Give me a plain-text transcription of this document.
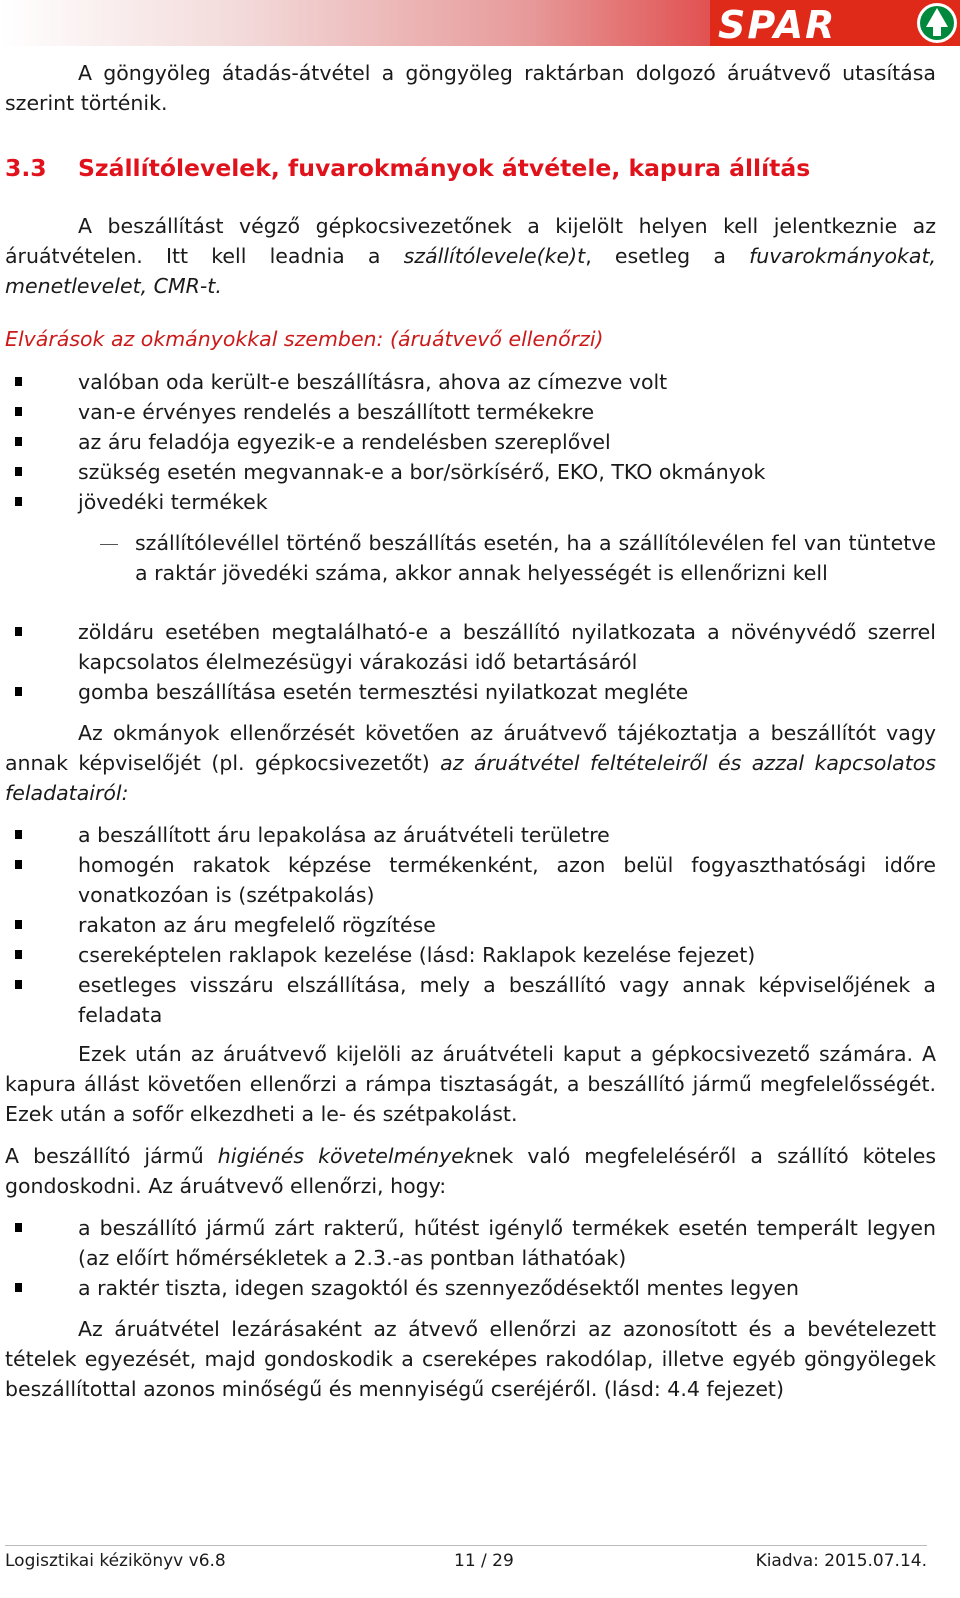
SPAR

A göngyöleg átadás-átvétel a göngyöleg raktárban dolgozó áruátvevő utasítása szerint történik.

3.3 Szállítólevelek, fuvarokmányok átvétele, kapura állítás

A beszállítást végző gépkocsivezetőnek a kijelölt helyen kell jelentkeznie az áruátvételen. Itt kell leadnia a szállítólevele(ke)t, esetleg a fuvarokmányokat, menetlevelet, CMR-t.

Elvárások az okmányokkal szemben: (áruátvevő ellenőrzi)

valóban oda került-e beszállításra, ahova az címezve volt
van-e érvényes rendelés a beszállított termékekre
az áru feladója egyezik-e a rendelésben szereplővel
szükség esetén megvannak-e a bor/sörkísérő, EKO, TKO okmányok
jövedéki termékek

szállítólevéllel történő beszállítás esetén, ha a szállítólevélen fel van tüntetve a raktár jövedéki száma, akkor annak helyességét is ellenőrizni kell

zöldáru esetében megtalálható-e a beszállító nyilatkozata a növényvédő szerrel kapcsolatos élelmezésügyi várakozási idő betartásáról
gomba beszállítása esetén termesztési nyilatkozat megléte

Az okmányok ellenőrzését követően az áruátvevő tájékoztatja a beszállítót vagy annak képviselőjét (pl. gépkocsivezetőt) az áruátvétel feltételeiről és azzal kapcsolatos feladatairól:

a beszállított áru lepakolása az áruátvételi területre
homogén rakatok képzése termékenként, azon belül fogyaszthatósági időre vonatkozóan is (szétpakolás)
rakaton az áru megfelelő rögzítése
csereképtelen raklapok kezelése (lásd: Raklapok kezelése fejezet)
esetleges visszáru elszállítása, mely a beszállító vagy annak képviselőjének a feladata

Ezek után az áruátvevő kijelöli az áruátvételi kaput a gépkocsivezető számára. A kapura állást követően ellenőrzi a rámpa tisztaságát, a beszállító jármű megfelelősségét. Ezek után a sofőr elkezdheti a le- és szétpakolást.

A beszállító jármű higiénés követelményeknek való megfeleléséről a szállító köteles gondoskodni. Az áruátvevő ellenőrzi, hogy:

a beszállító jármű zárt rakterű, hűtést igénylő termékek esetén temperált legyen (az előírt hőmérsékletek a 2.3.-as pontban láthatóak)
a raktér tiszta, idegen szagoktól és szennyeződésektől mentes legyen

Az áruátvétel lezárásaként az átvevő ellenőrzi az azonosított és a bevételezett tételek egyezését, majd gondoskodik a csereképes rakodólap, illetve egyéb göngyölegek beszállítottal azonos minőségű és mennyiségű cseréjéről. (lásd: 4.4 fejezet)

Logisztikai kézikönyv v6.8	11 / 29	Kiadva: 2015.07.14.
